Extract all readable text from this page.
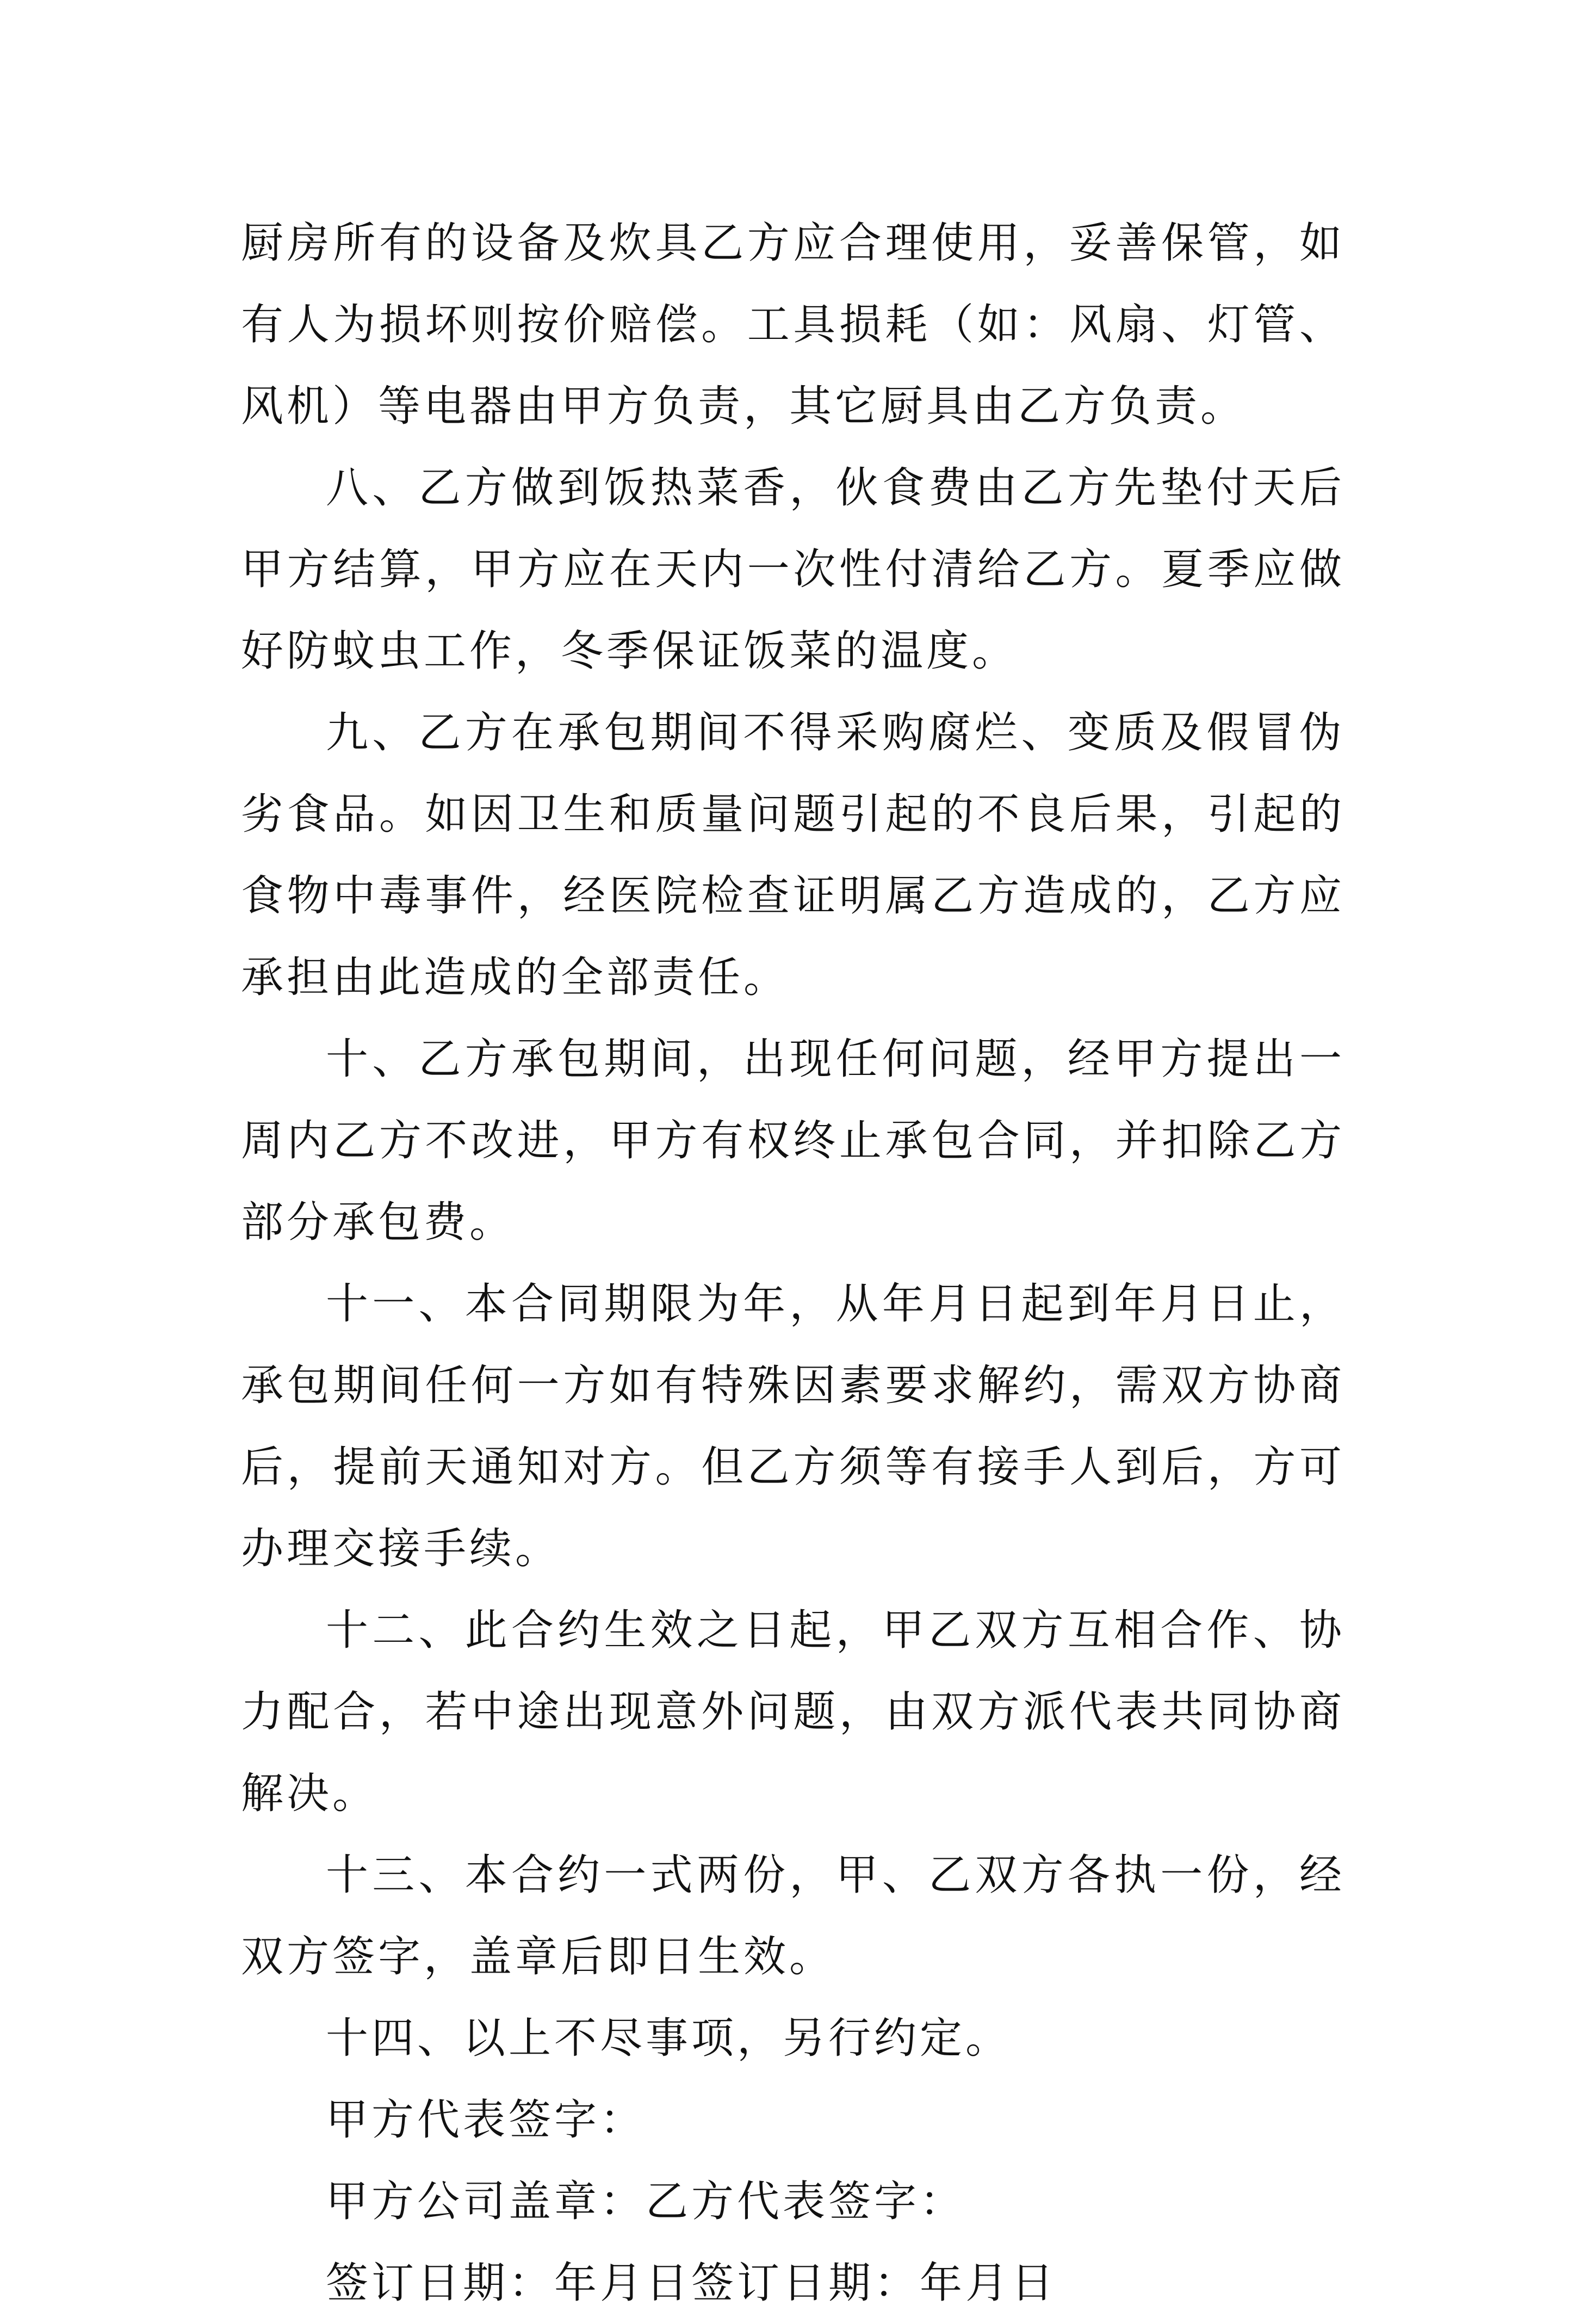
厨房所有的设备及炊具乙方应合理使用，妥善保管，如有人为损坏则按价赔偿。工具损耗（如：风扇、灯管、风机）等电器由甲方负责，其它厨具由乙方负责。

八、乙方做到饭热菜香，伙食费由乙方先垫付天后甲方结算，甲方应在天内一次性付清给乙方。夏季应做好防蚊虫工作，冬季保证饭菜的温度。

九、乙方在承包期间不得采购腐烂、变质及假冒伪劣食品。如因卫生和质量问题引起的不良后果，引起的食物中毒事件，经医院检查证明属乙方造成的，乙方应承担由此造成的全部责任。

十、乙方承包期间，出现任何问题，经甲方提出一周内乙方不改进，甲方有权终止承包合同，并扣除乙方部分承包费。

十一、本合同期限为年，从年月日起到年月日止，承包期间任何一方如有特殊因素要求解约，需双方协商后，提前天通知对方。但乙方须等有接手人到后，方可办理交接手续。

十二、此合约生效之日起，甲乙双方互相合作、协力配合，若中途出现意外问题，由双方派代表共同协商解决。

十三、本合约一式两份，甲、乙双方各执一份，经双方签字，盖章后即日生效。

十四、以上不尽事项，另行约定。

甲方代表签字：

甲方公司盖章：乙方代表签字：

签订日期：年月日签订日期：年月日
